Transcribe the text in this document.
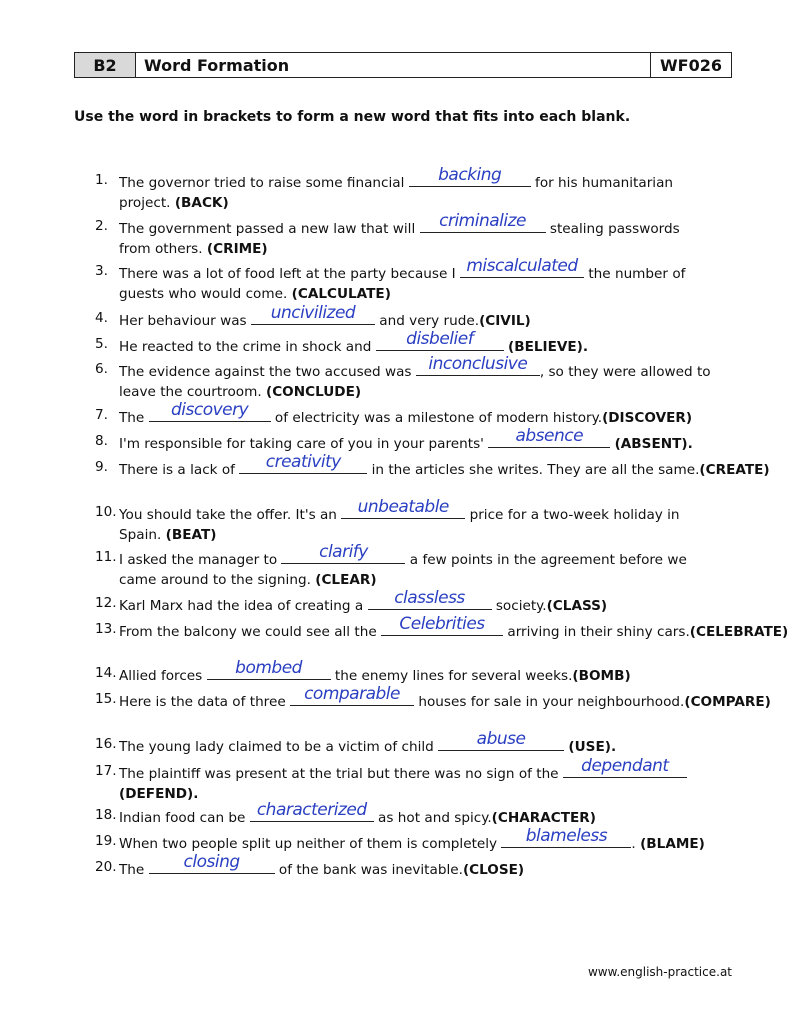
B2	Word Formation	WF026
Use the word in brackets to form a new word that fits into each blank.
1. The governor tried to raise some financial backing for his humanitarian
project. (BACK)
2. The government passed a new law that will criminalize stealing passwords
from others. (CRIME)
3. There was a lot of food left at the party because I miscalculated the number of
guests who would come. (CALCULATE)
4. Her behaviour was uncivilized and very rude.(CIVIL)
5. He reacted to the crime in shock and disbelief	(BELIEVE).
6. The evidence against the two accused was inconclusive , so they were allowed to
leave the courtroom. (CONCLUDE)
7. The discovery of electricity was a milestone of modern history.(DISCOVER)
8. I'm responsible for taking care of you in your parents' absence (ABSENT).
9. There is a lack of creativity in the articles she writes. They are all the same.(CREATE)
10. You should take the offer. It's an unbeatable price for a two-week holiday in
Spain. (BEAT)
11. I asked the manager to clarify	a few points in the agreement before we
came around to the signing. (CLEAR)
12. Karl Marx had the idea of creating a classless society.(CLASS)
13. From the balcony we could see all the Celebrities arriving in their shiny cars.(CELEBRATE)
14. Allied forces bombed the enemy lines for several weeks.(BOMB)
15. Here is the data of three comparable houses for sale in your neighbourhood.(COMPARE)
16. The young lady claimed to be a victim of child abuse	(USE).
17. The plaintiff was present at the trial but there was no sign of the dependant
(DEFEND).
18. Indian food can be characterized as hot and spicy.(CHARACTER)
19. When two people split up neither of them is completely blameless . (BLAME)
20. The closing	of the bank was inevitable.(CLOSE)
www.english-practice.at
